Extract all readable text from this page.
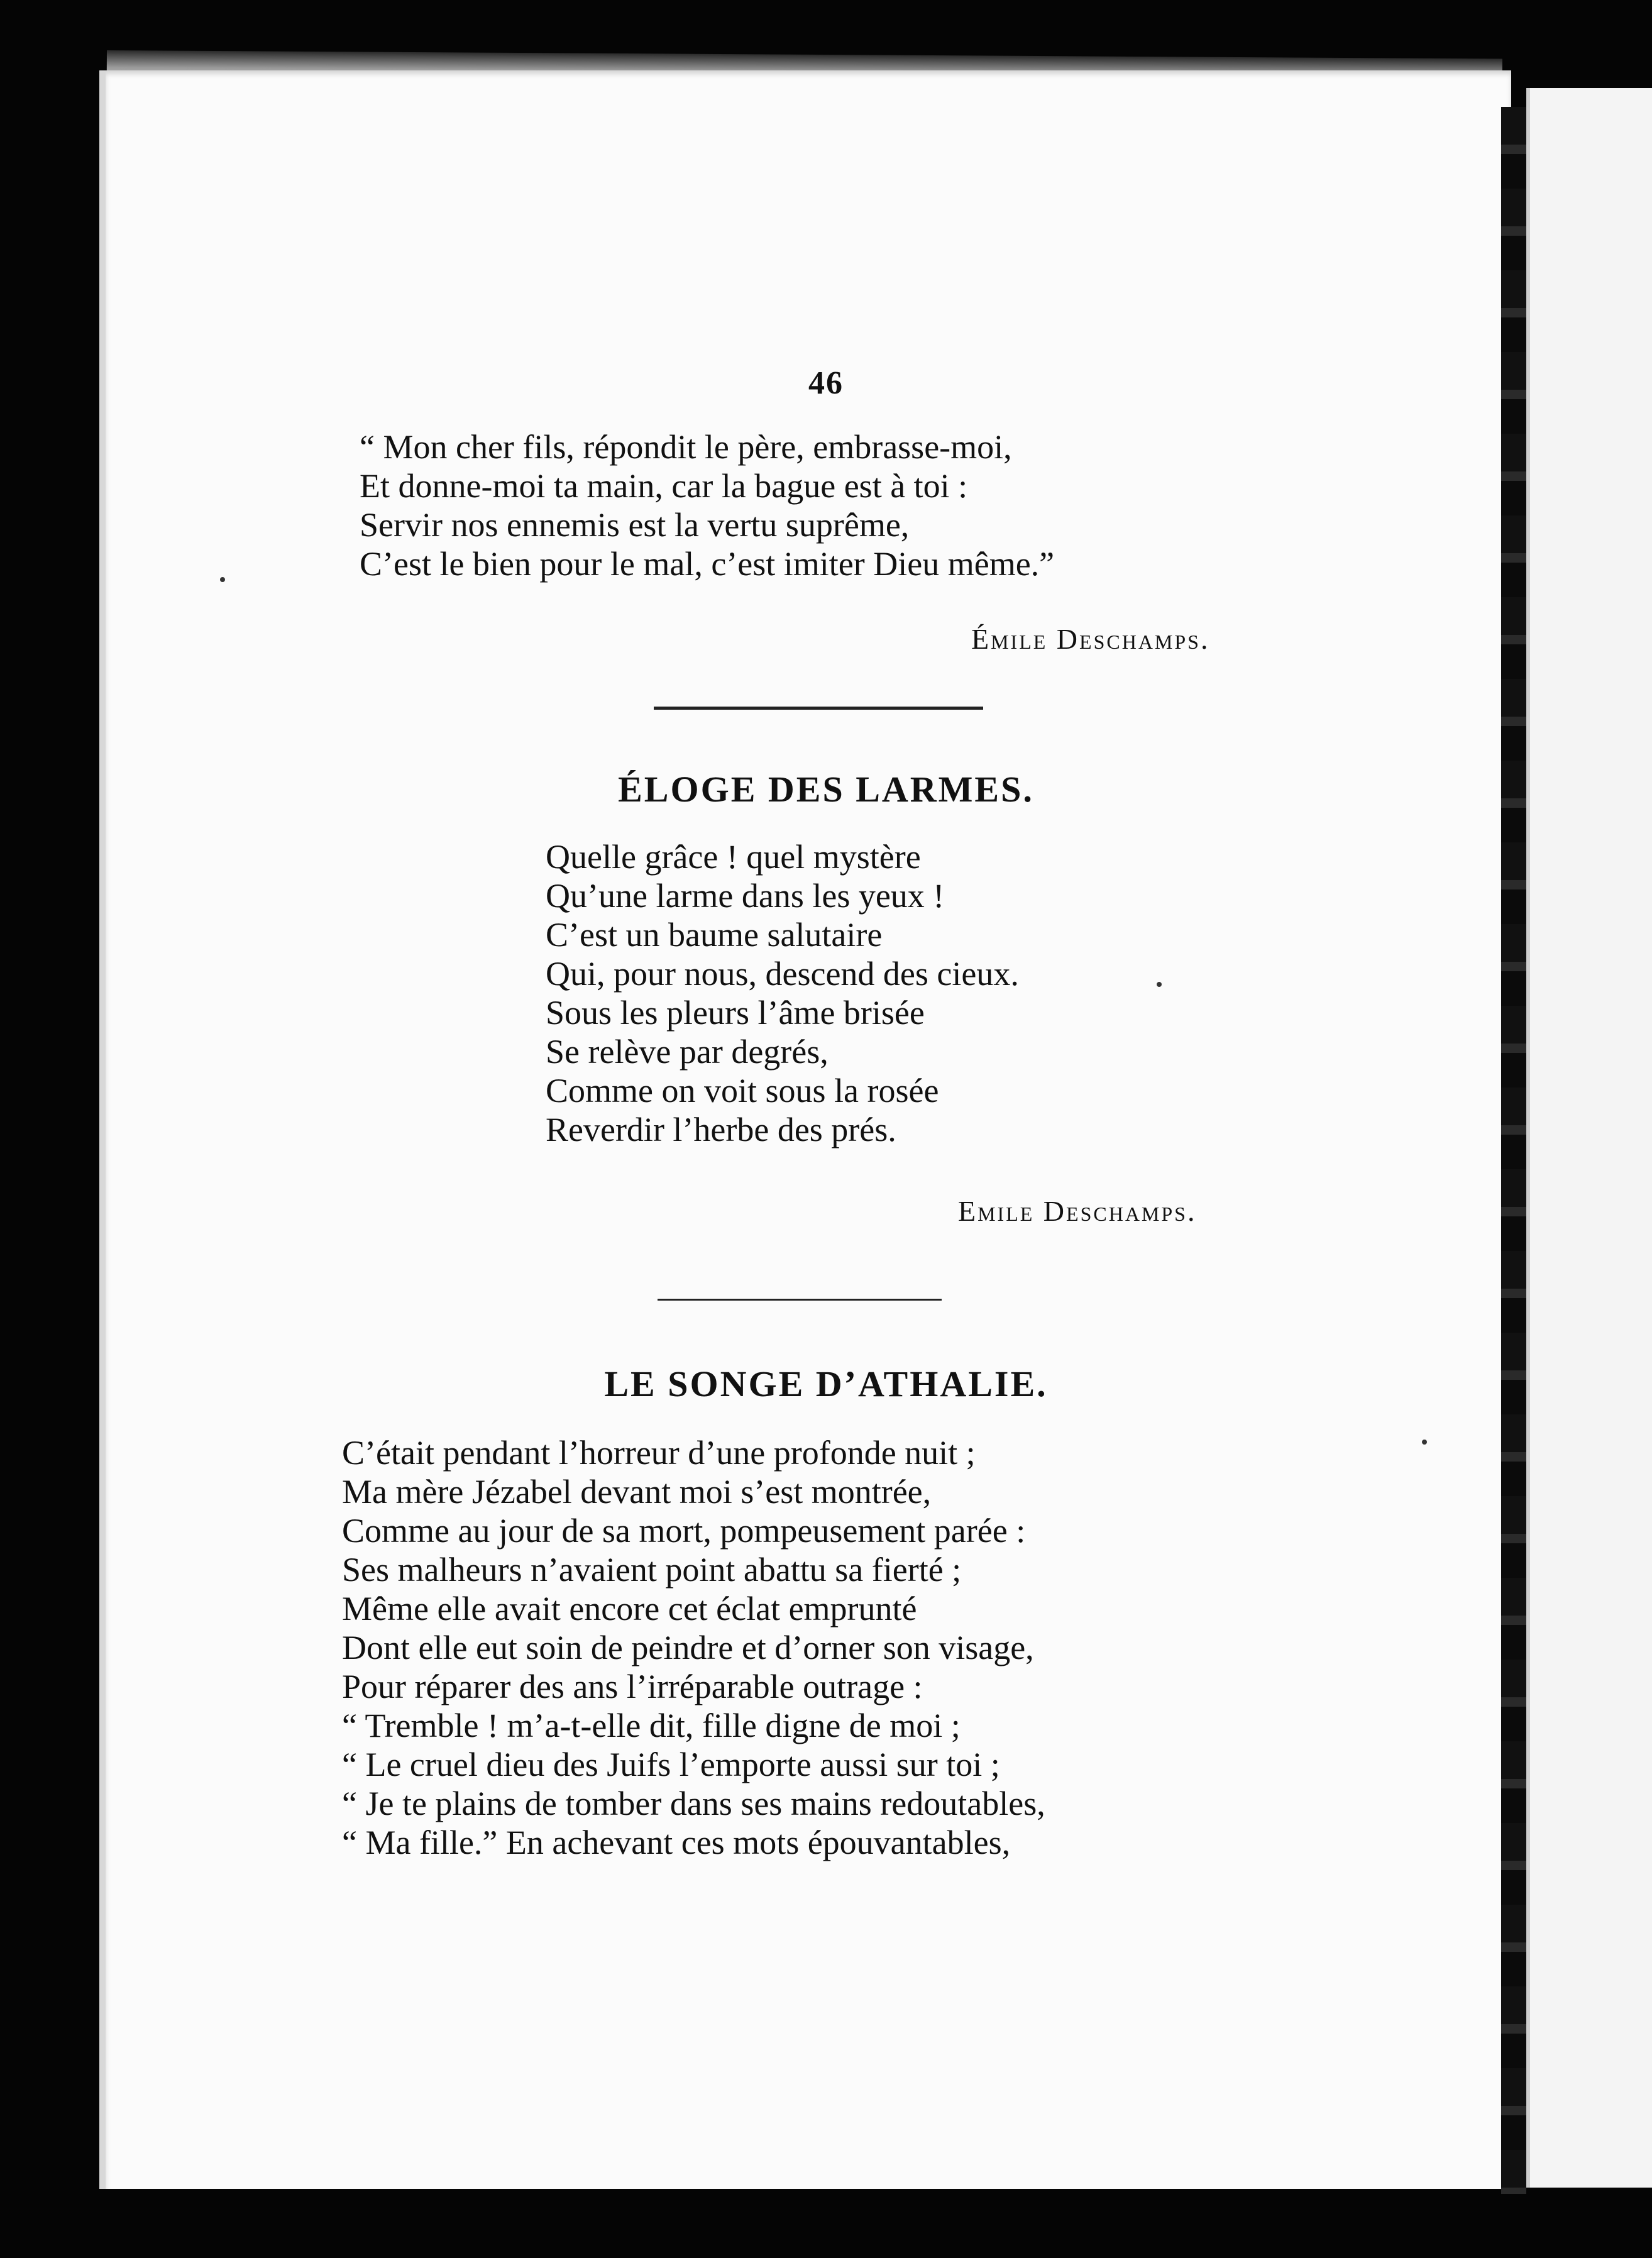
46
“ Mon cher fils, répondit le père, embrasse-moi,
Et donne-moi ta main, car la bague est à toi :
Servir nos ennemis est la vertu suprême,
C’est le bien pour le mal, c’est imiter Dieu même.”
Émile Deschamps.
ÉLOGE DES LARMES.
Quelle grâce ! quel mystère
Qu’une larme dans les yeux !
C’est un baume salutaire
Qui, pour nous, descend des cieux.
Sous les pleurs l’âme brisée
Se relève par degrés,
Comme on voit sous la rosée
Reverdir l’herbe des prés.
Emile Deschamps.
LE SONGE D’ATHALIE.
C’était pendant l’horreur d’une profonde nuit ;
Ma mère Jézabel devant moi s’est montrée,
Comme au jour de sa mort, pompeusement parée :
Ses malheurs n’avaient point abattu sa fierté ;
Même elle avait encore cet éclat emprunté
Dont elle eut soin de peindre et d’orner son visage,
Pour réparer des ans l’irréparable outrage :
“ Tremble ! m’a-t-elle dit, fille digne de moi ;
“ Le cruel dieu des Juifs l’emporte aussi sur toi ;
“ Je te plains de tomber dans ses mains redoutables,
“ Ma fille.” En achevant ces mots épouvantables,
